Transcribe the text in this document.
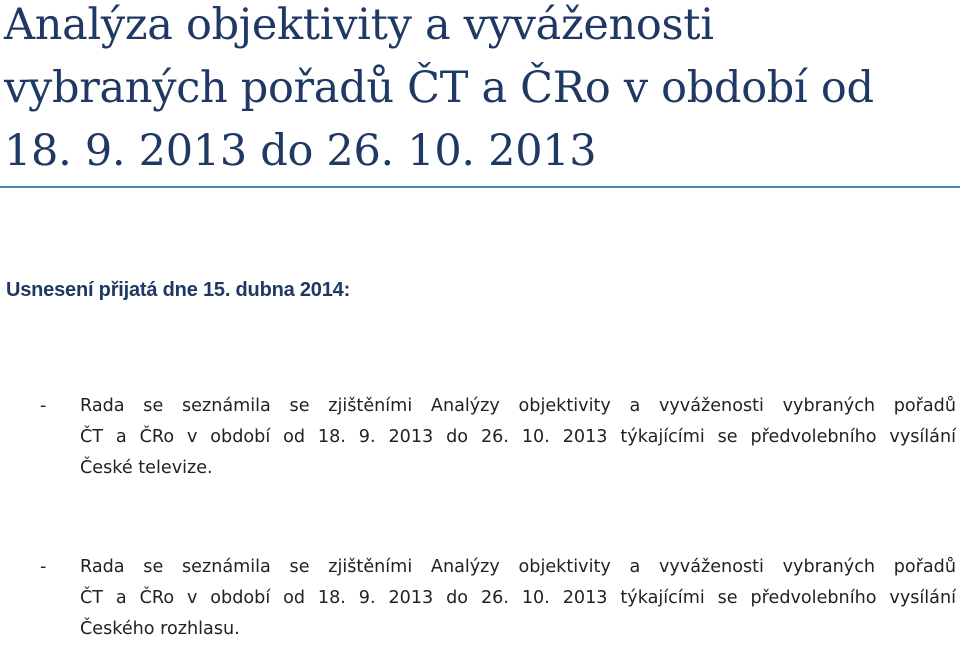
Analýza objektivity a vyváženosti
vybraných pořadů ČT a ČRo v období od
18. 9. 2013 do 26. 10. 2013
Usnesení přijatá dne 15. dubna 2014:
- Rada se seznámila se zjištěními Analýzy objektivity a vyváženosti vybraných pořadů
ČT a ČRo v období od 18. 9. 2013 do 26. 10. 2013 týkajícími se předvolebního vysílání
České televize.
- Rada se seznámila se zjištěními Analýzy objektivity a vyváženosti vybraných pořadů
ČT a ČRo v období od 18. 9. 2013 do 26. 10. 2013 týkajícími se předvolebního vysílání
Českého rozhlasu.
